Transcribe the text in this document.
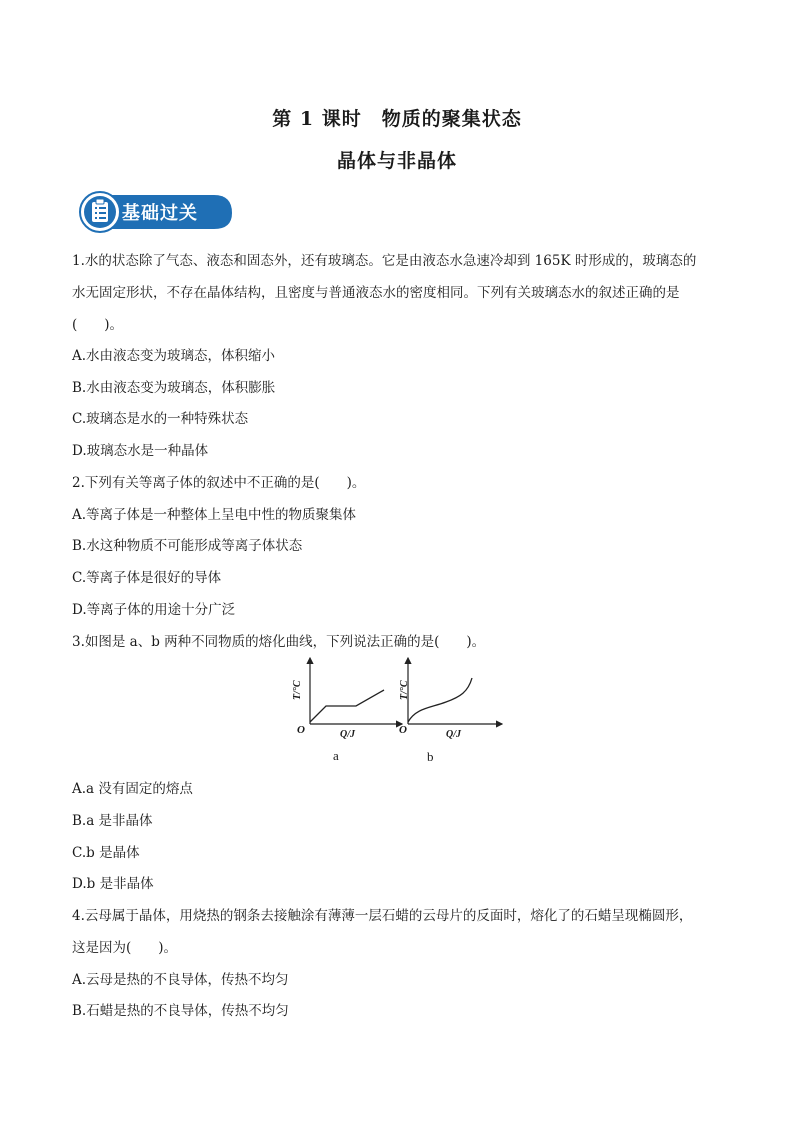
第 1 课时　物质的聚集状态
晶体与非晶体
基础过关
1.水的状态除了气态、液态和固态外，还有玻璃态。它是由液态水急速冷却到 165K 时形成的，玻璃态的
水无固定形状，不存在晶体结构，且密度与普通液态水的密度相同。下列有关玻璃态水的叙述正确的是
(　　)。
A.水由液态变为玻璃态，体积缩小
B.水由液态变为玻璃态，体积膨胀
C.玻璃态是水的一种特殊状态
D.玻璃态水是一种晶体
2.下列有关等离子体的叙述中不正确的是(　　)。
A.等离子体是一种整体上呈电中性的物质聚集体
B.水这种物质不可能形成等离子体状态
C.等离子体是很好的导体
D.等离子体的用途十分广泛
3.如图是 a、b 两种不同物质的熔化曲线，下列说法正确的是(　　)。
T/°C	T/°C
Q/J	Q/J
O	O
a	b
A.a 没有固定的熔点
B.a 是非晶体
C.b 是晶体
D.b 是非晶体
4.云母属于晶体，用烧热的钢条去接触涂有薄薄一层石蜡的云母片的反面时，熔化了的石蜡呈现椭圆形，
这是因为(　　)。
A.云母是热的不良导体，传热不均匀
B.石蜡是热的不良导体，传热不均匀
